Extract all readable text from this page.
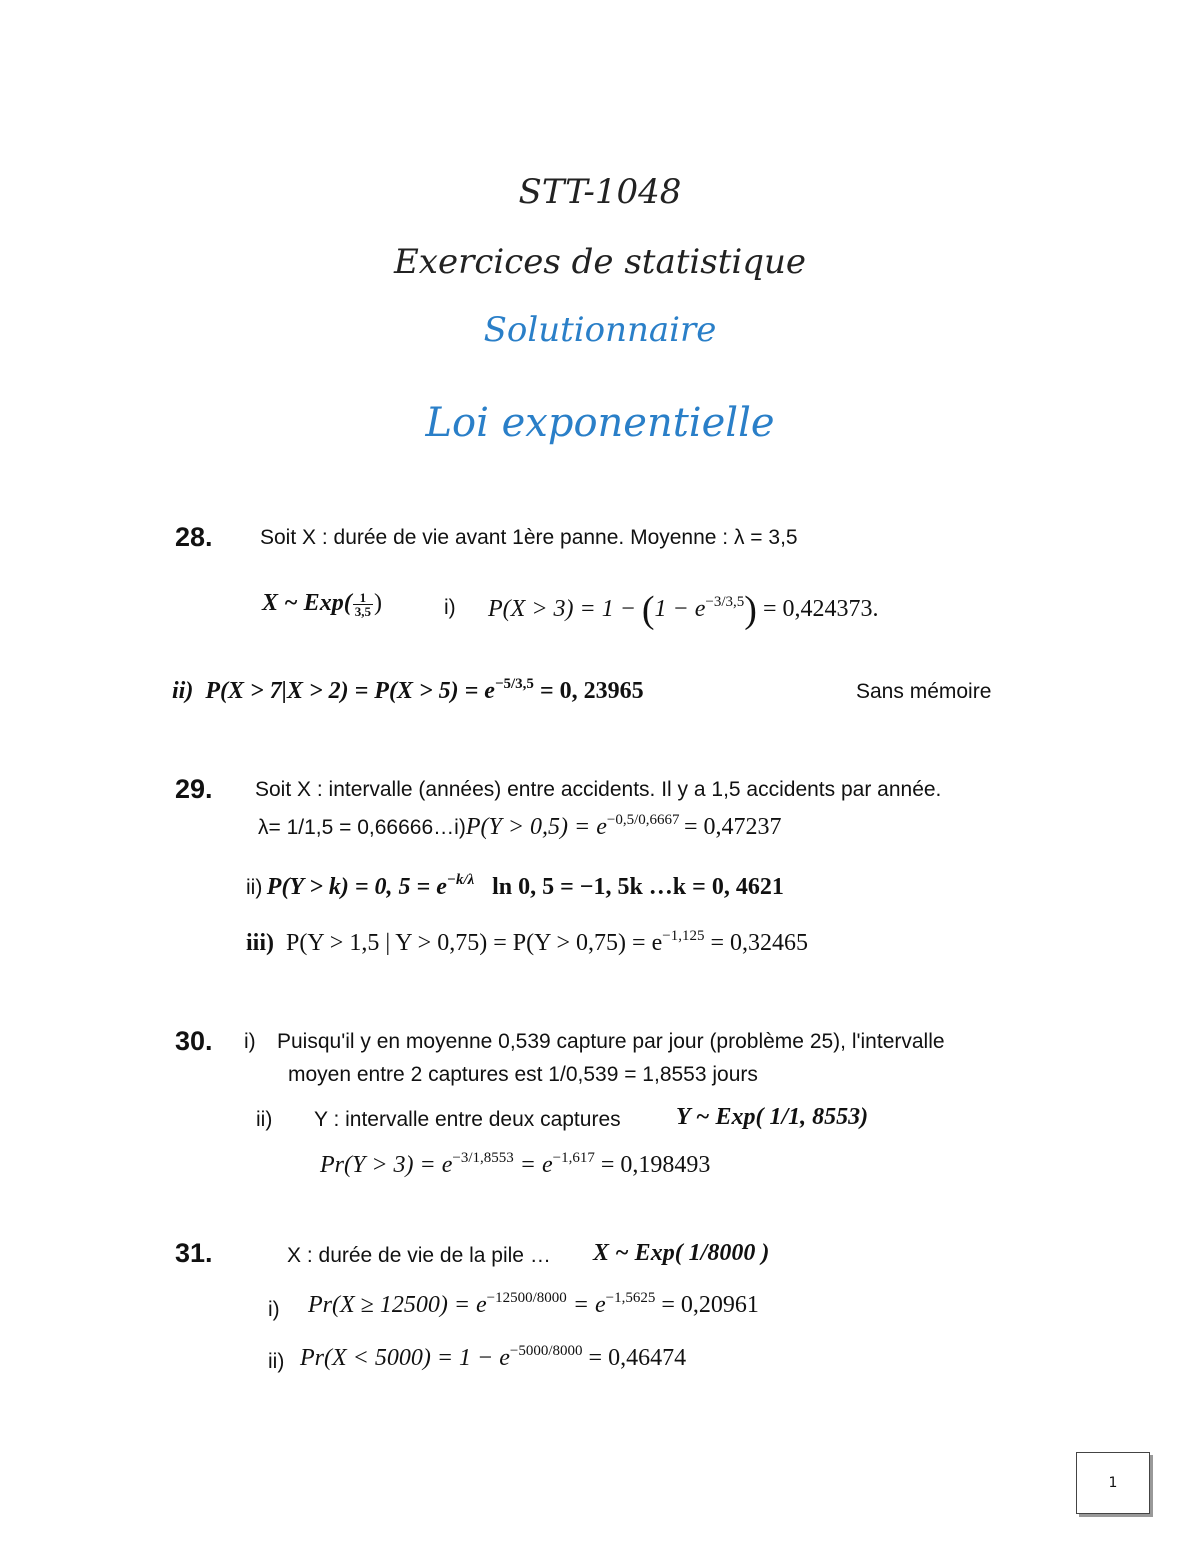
STT-1048
Exercices de statistique
Solutionnaire
Loi exponentielle
28. Soit X : durée de vie avant 1ère panne. Moyenne : λ = 3,5
X ~ $Exp( \frac{1}{3,5}$ )	i) $P(X > 3) = 1 - (1 - e^{-3/3,5}) = 0,424373$.
ii) $P(X > 7|X > 2) = P(X > 5) = e^{-5/3,5} = 0$, 23965	Sans mémoire
29. Soit X : intervalle (années) entre accidents. Il y a 1,5 accidents par année.
λ= 1/1,5 = 0,66666…i)P(Y > $0,5) = e^{-0,5/0,6667} = 0,47237$
ii) P(Y > k) = 0, $5 = e^{-k/\lambda}$ ln 0, 5 = −1, 5k …k = 0, 4621
iii) P(Y > 1,5 | $Y > 0,75) = P(Y > 0,75) = e^{-1,125} = 0,32465$
30. i) Puisqu'il y en moyenne 0,539 capture par jour (problème 25), l'intervalle
moyen entre 2 captures est 1/0,539 = 1,8553 jours
ii) Y : intervalle entre deux captures Y ~ Exp( 1/1, 8553)
$Pr(Y > 3) = e^{-3/1,8553} = e^{-1,617} = 0,198493$
31.	X : durée de vie de la pile … X ~ Exp( 1/8000 )
i) $Pr(X \ge 12500) = e^{-12500/8000} = e^{-1,5625} = 0,20961$
ii) $Pr(X < 5000) = 1 - e^{-5000/8000} = 0,46474$
1
